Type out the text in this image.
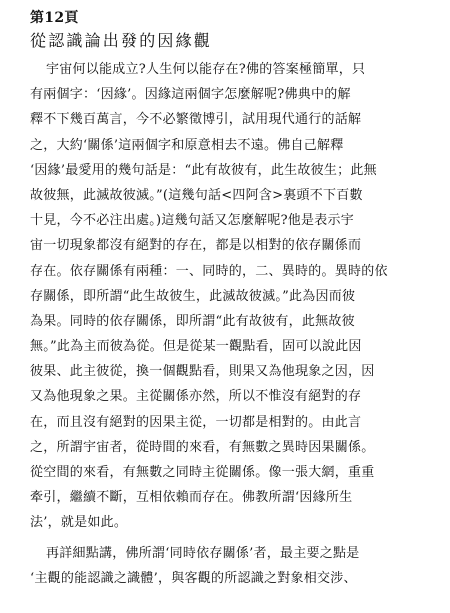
第12頁
從認識論出發的因緣觀
宇宙何以能成立?人生何以能存在?佛的答案極簡單，只
有兩個字：‘因緣’。因緣這兩個字怎麼解呢?佛典中的解
釋不下幾百萬言，今不必繁徵博引，試用現代通行的話解
之，大約‘關係’這兩個字和原意相去不遠。佛自己解釋
‘因緣’最愛用的幾句話是：“此有故彼有，此生故彼生；此無
故彼無，此滅故彼滅。”(這幾句話<四阿含>裏頭不下百數
十見，今不必注出處。)這幾句話又怎麼解呢?他是表示宇
宙一切現象都沒有絕對的存在，都是以相對的依存關係而
存在。依存關係有兩種：一、同時的，二、異時的。異時的依
存關係，即所謂“此生故彼生，此滅故彼滅。”此為因而彼
為果。同時的依存關係，即所謂“此有故彼有，此無故彼
無。”此為主而彼為從。但是從某一觀點看，固可以說此因
彼果、此主彼從，換一個觀點看，則果又為他現象之因，因
又為他現象之果。主從關係亦然，所以不惟沒有絕對的存
在，而且沒有絕對的因果主從，一切都是相對的。由此言
之，所謂宇宙者，從時間的來看，有無數之異時因果關係。
從空間的來看，有無數之同時主從關係。像一張大網，重重
牽引，繼續不斷，互相依賴而存在。佛教所謂‘因緣所生
法’，就是如此。
再詳細點講，佛所謂‘同時依存關係’者，最主要之點是
‘主觀的能認識之識體’，與客觀的所認識之對象相交涉、
